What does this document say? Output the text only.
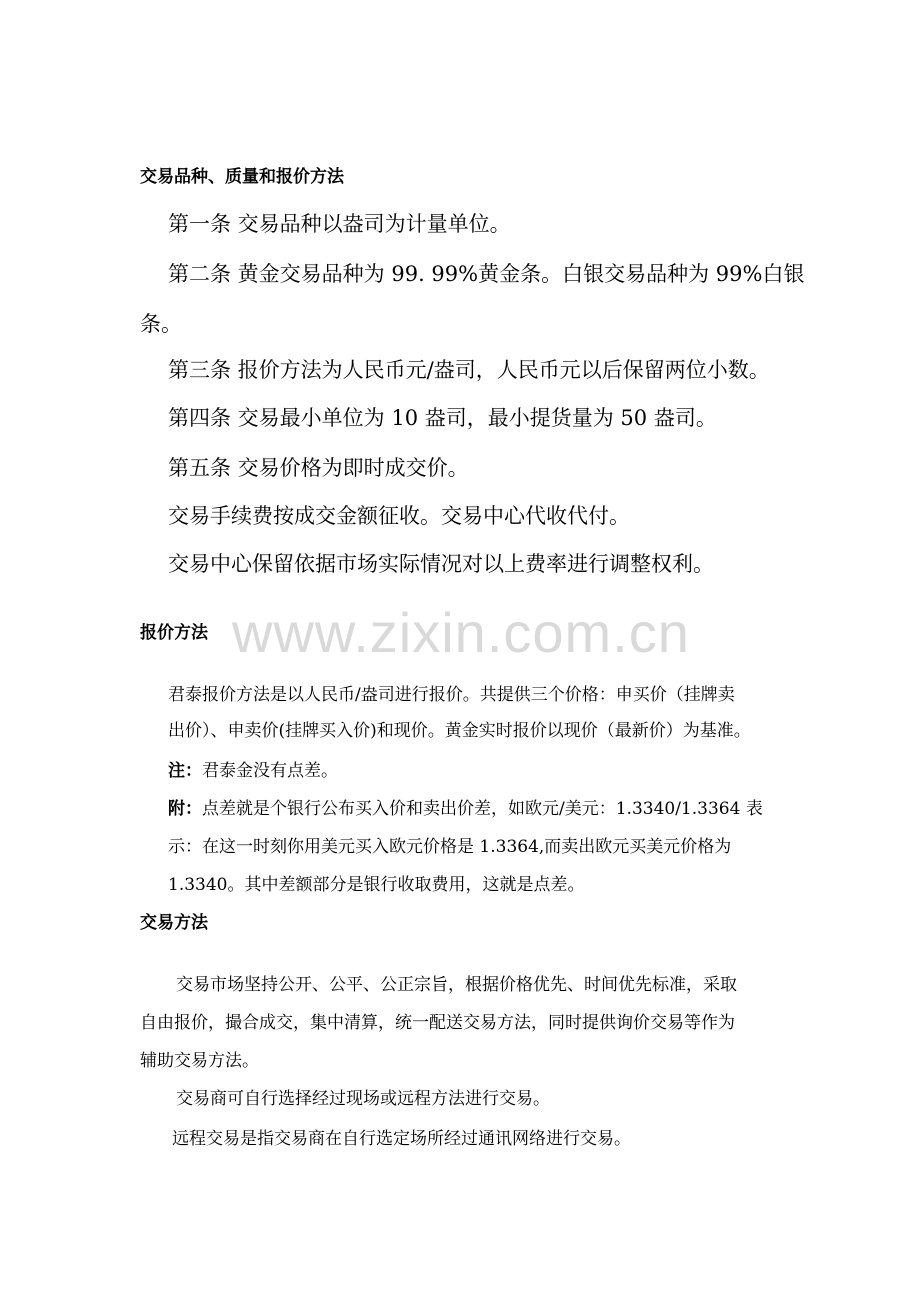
交易品种、质量和报价方法
第一条 交易品种以盎司为计量单位。
第二条 黄金交易品种为 99. 99%黄金条。白银交易品种为 99%白银
条。
第三条 报价方法为人民币元/盎司，人民币元以后保留两位小数。
第四条 交易最小单位为 10 盎司，最小提货量为 50 盎司。
第五条 交易价格为即时成交价。
交易手续费按成交金额征收。交易中心代收代付。
交易中心保留依据市场实际情况对以上费率进行调整权利。
www.zixin.com.cn
报价方法
君泰报价方法是以人民币/盎司进行报价。共提供三个价格：申买价（挂牌卖
出价）、申卖价(挂牌买入价)和现价。黄金实时报价以现价（最新价）为基准。
注：君泰金没有点差。
附：点差就是个银行公布买入价和卖出价差，如欧元/美元：1.3340/1.3364 表
示：在这一时刻你用美元买入欧元价格是 1.3364,而卖出欧元买美元价格为
1.3340。其中差额部分是银行收取费用，这就是点差。
交易方法
交易市场坚持公开、公平、公正宗旨，根据价格优先、时间优先标准，采取
自由报价，撮合成交，集中清算，统一配送交易方法，同时提供询价交易等作为
辅助交易方法。
交易商可自行选择经过现场或远程方法进行交易。
远程交易是指交易商在自行选定场所经过通讯网络进行交易。
